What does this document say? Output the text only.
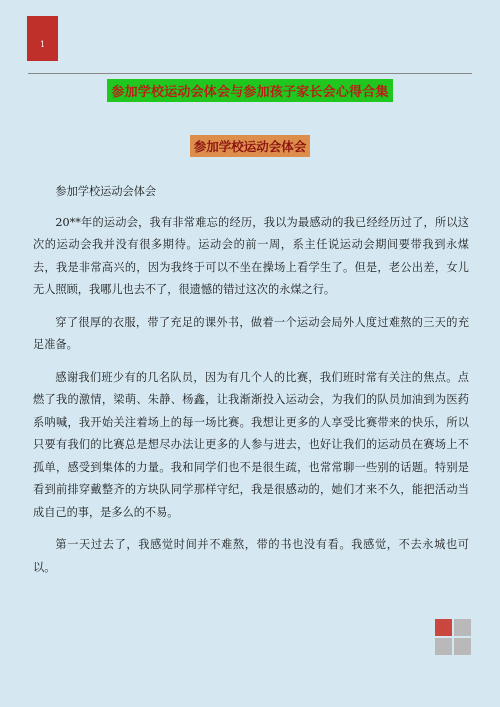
1
参加学校运动会体会与参加孩子家长会心得合集
参加学校运动会体会

参加学校运动会体会

20**年的运动会，我有非常难忘的经历，我以为最感动的我已经经历过了，所以这次的运动会我并没有很多期待。运动会的前一周，系主任说运动会期间要带我到永煤去，我是非常高兴的，因为我终于可以不坐在操场上看学生了。但是，老公出差，女儿无人照顾，我哪儿也去不了，很遗憾的错过这次的永煤之行。

穿了很厚的衣服，带了充足的课外书，做着一个运动会局外人度过难熬的三天的充足准备。

感谢我们班少有的几名队员，因为有几个人的比赛，我们班时常有关注的焦点。点燃了我的激情，梁萌、朱静、杨鑫，让我渐渐投入运动会，为我们的队员加油到为医药系呐喊，我开始关注着场上的每一场比赛。我想让更多的人享受比赛带来的快乐，所以只要有我们的比赛总是想尽办法让更多的人参与进去，也好让我们的运动员在赛场上不孤单，感受到集体的力量。我和同学们也不是很生疏，也常常聊一些别的话题。特别是看到前排穿戴整齐的方块队同学那样守纪，我是很感动的，她们才来不久，能把活动当成自己的事，是多么的不易。

第一天过去了，我感觉时间并不难熬，带的书也没有看。我感觉，不去永城也可以。
